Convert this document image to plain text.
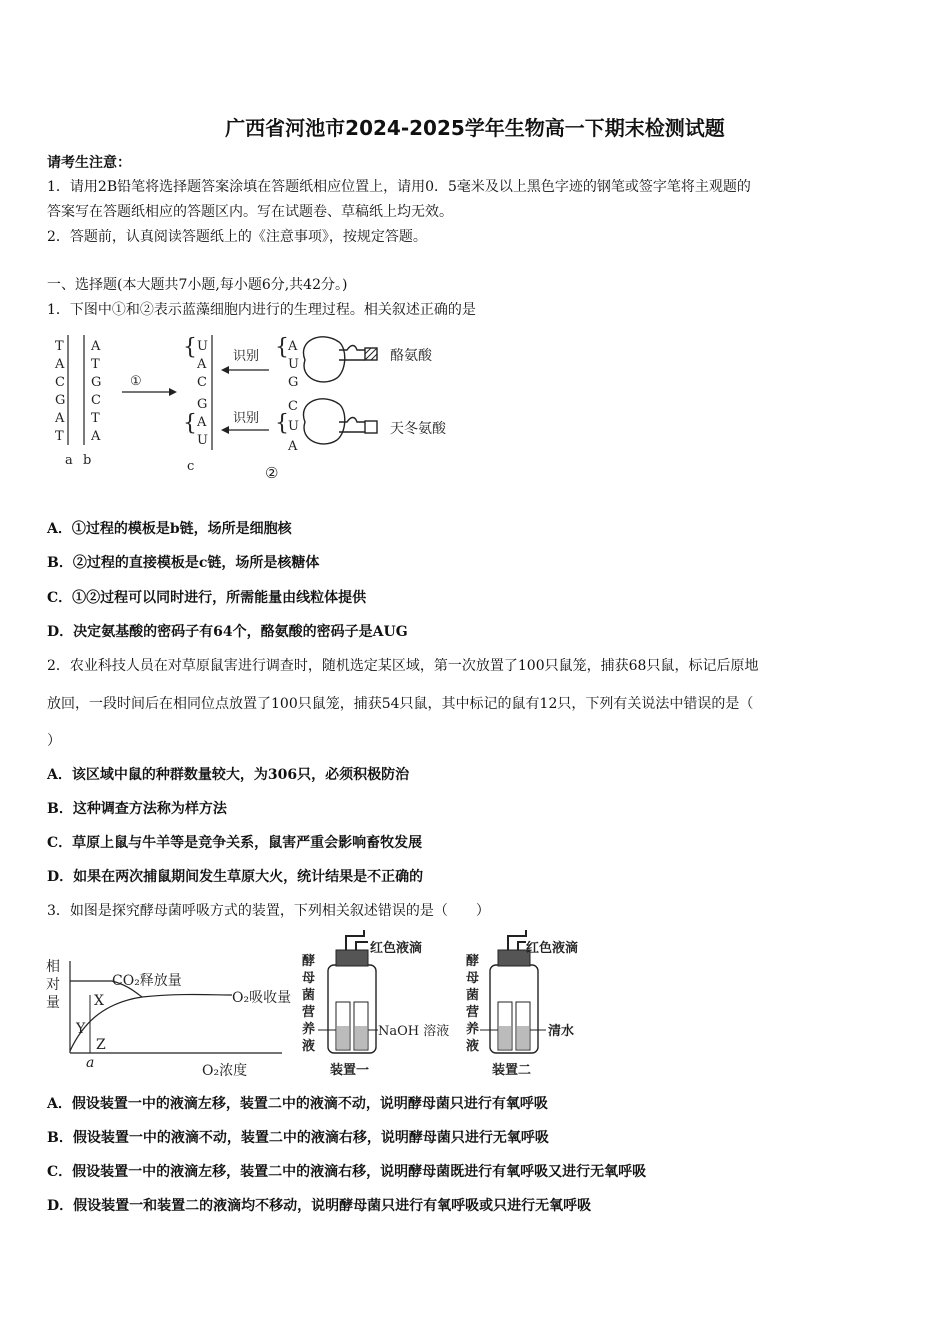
广西省河池市2024-2025学年生物高一下期末检测试题
请考生注意：
1．请用2B铅笔将选择题答案涂填在答题纸相应位置上，请用0．5毫米及以上黑色字迹的钢笔或签字笔将主观题的
答案写在答题纸相应的答题区内。写在试题卷、草稿纸上均无效。
2．答题前，认真阅读答题纸上的《注意事项》，按规定答题。
一、选择题(本大题共7小题,每小题6分,共42分。)
1．下图中①和②表示蓝藻细胞内进行的生理过程。相关叙述正确的是
T
A
C
G
A
T
A
T
G
C
T
A
a b
①
{ U
A
C
{
G
A
U
c
识别
识别
{ A
U
G
酪氨酸
{
C
U
A
天冬氨酸
②
A．①过程的模板是b链，场所是细胞核
B．②过程的直接模板是c链，场所是核糖体
C．①②过程可以同时进行，所需能量由线粒体提供
D．决定氨基酸的密码子有64个，酪氨酸的密码子是AUG
2．农业科技人员在对草原鼠害进行调查时，随机选定某区域，第一次放置了100只鼠笼，捕获68只鼠，标记后原地
放回，一段时间后在相同位点放置了100只鼠笼，捕获54只鼠，其中标记的鼠有12只，下列有关说法中错误的是（
）
A．该区域中鼠的种群数量较大，为306只，必须积极防治
B．这种调查方法称为样方法
C．草原上鼠与牛羊等是竞争关系，鼠害严重会影响畜牧发展
D．如果在两次捕鼠期间发生草原大火，统计结果是不正确的
3．如图是探究酵母菌呼吸方式的装置，下列相关叙述错误的是（　　）
相
对
量
CO₂释放量
O₂吸收量
X
Y
Z
a	O₂浓度
酵
母
菌
营
养
液
红色液滴
NaOH 溶液
装置一
酵
母
菌
营
养
液
红色液滴
清水
装置二
A．假设装置一中的液滴左移，装置二中的液滴不动，说明酵母菌只进行有氧呼吸
B．假设装置一中的液滴不动，装置二中的液滴右移，说明酵母菌只进行无氧呼吸
C．假设装置一中的液滴左移，装置二中的液滴右移，说明酵母菌既进行有氧呼吸又进行无氧呼吸
D．假设装置一和装置二的液滴均不移动，说明酵母菌只进行有氧呼吸或只进行无氧呼吸
